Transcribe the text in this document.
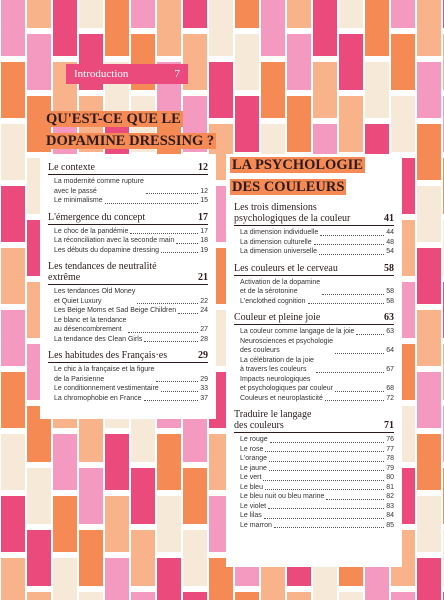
Introduction	7
QU'EST-CE QUE LE
DOPAMINE DRESSING ?
Le contexte	12
La modernité comme rupture
avec le passé	12
Le minimalisme	15
L'émergence du concept	17
Le choc de la pandémie	17
La réconciliation avec la seconde main	18
Les débuts du dopamine dressing	19
Les tendances de neutralité
extrême	21
Les tendances Old Money
et Quiet Luxury	22
Les Beige Moms et Sad Beige Children	24
Le blanc et la tendance
au désencombrement	27
La tendance des Clean Girls	28
Les habitudes des Français·es	29
Le chic à la française et la figure
de la Parisienne	29
Le conditionnement vestimentaire	33
La chromophobie en France	37
Les trois dimensions
psychologiques de la couleur	41
La dimension individuelle	44
La dimension culturelle	48
La dimension universelle	54
Les couleurs et le cerveau	58
Activation de la dopamine
et de la sérotonine	58
L'enclothed cognition	58
Couleur et pleine joie	63
La couleur comme langage de la joie	63
Neurosciences et psychologie
des couleurs	64
La célébration de la joie
à travers les couleurs	67
Impacts neurologiques
et psychologiques par couleur	68
Couleurs et neuroplasticité	72
Traduire le langage
des couleurs	71
Le rouge	76
Le rose	77
L'orange	78
Le jaune	79
Le vert	80
Le bleu	81
Le bleu nuit ou bleu marine	82
Le violet	83
Le lilas	84
Le marron	85
LA PSYCHOLOGIE
DES COULEURS
